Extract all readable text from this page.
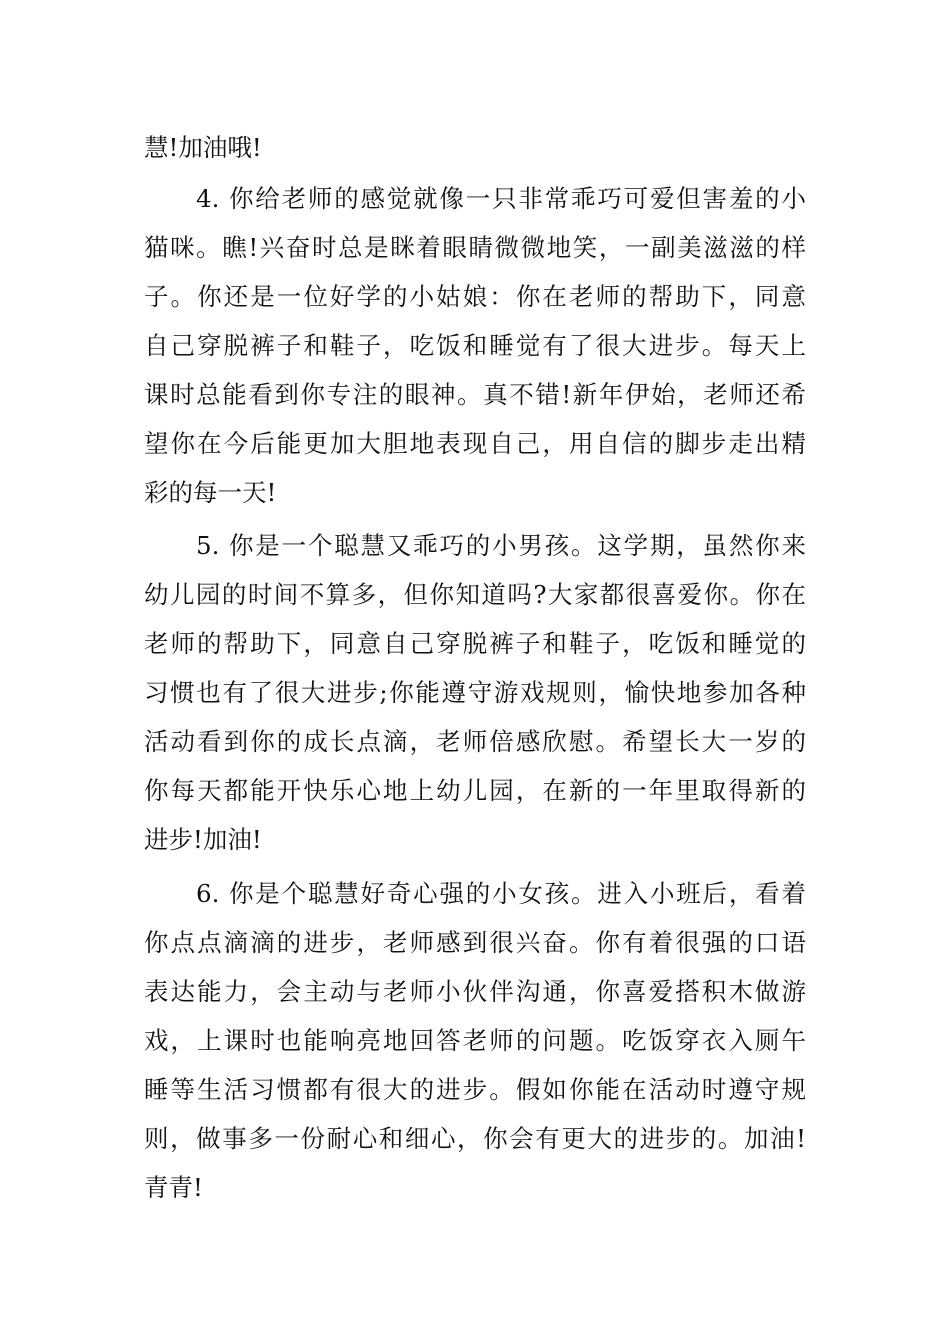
慧!加油哦!
4. 你给老师的感觉就像一只非常乖巧可爱但害羞的小
猫咪。瞧!兴奋时总是眯着眼睛微微地笑，一副美滋滋的样
子。你还是一位好学的小姑娘：你在老师的帮助下，同意
自己穿脱裤子和鞋子，吃饭和睡觉有了很大进步。每天上
课时总能看到你专注的眼神。真不错!新年伊始，老师还希
望你在今后能更加大胆地表现自己，用自信的脚步走出精
彩的每一天!
5. 你是一个聪慧又乖巧的小男孩。这学期，虽然你来
幼儿园的时间不算多，但你知道吗?大家都很喜爱你。你在
老师的帮助下，同意自己穿脱裤子和鞋子，吃饭和睡觉的
习惯也有了很大进步;你能遵守游戏规则，愉快地参加各种
活动看到你的成长点滴，老师倍感欣慰。希望长大一岁的
你每天都能开快乐心地上幼儿园，在新的一年里取得新的
进步!加油!
6. 你是个聪慧好奇心强的小女孩。进入小班后，看着
你点点滴滴的进步，老师感到很兴奋。你有着很强的口语
表达能力，会主动与老师小伙伴沟通，你喜爱搭积木做游
戏，上课时也能响亮地回答老师的问题。吃饭穿衣入厕午
睡等生活习惯都有很大的进步。假如你能在活动时遵守规
则，做事多一份耐心和细心，你会有更大的进步的。加油!
青青!
